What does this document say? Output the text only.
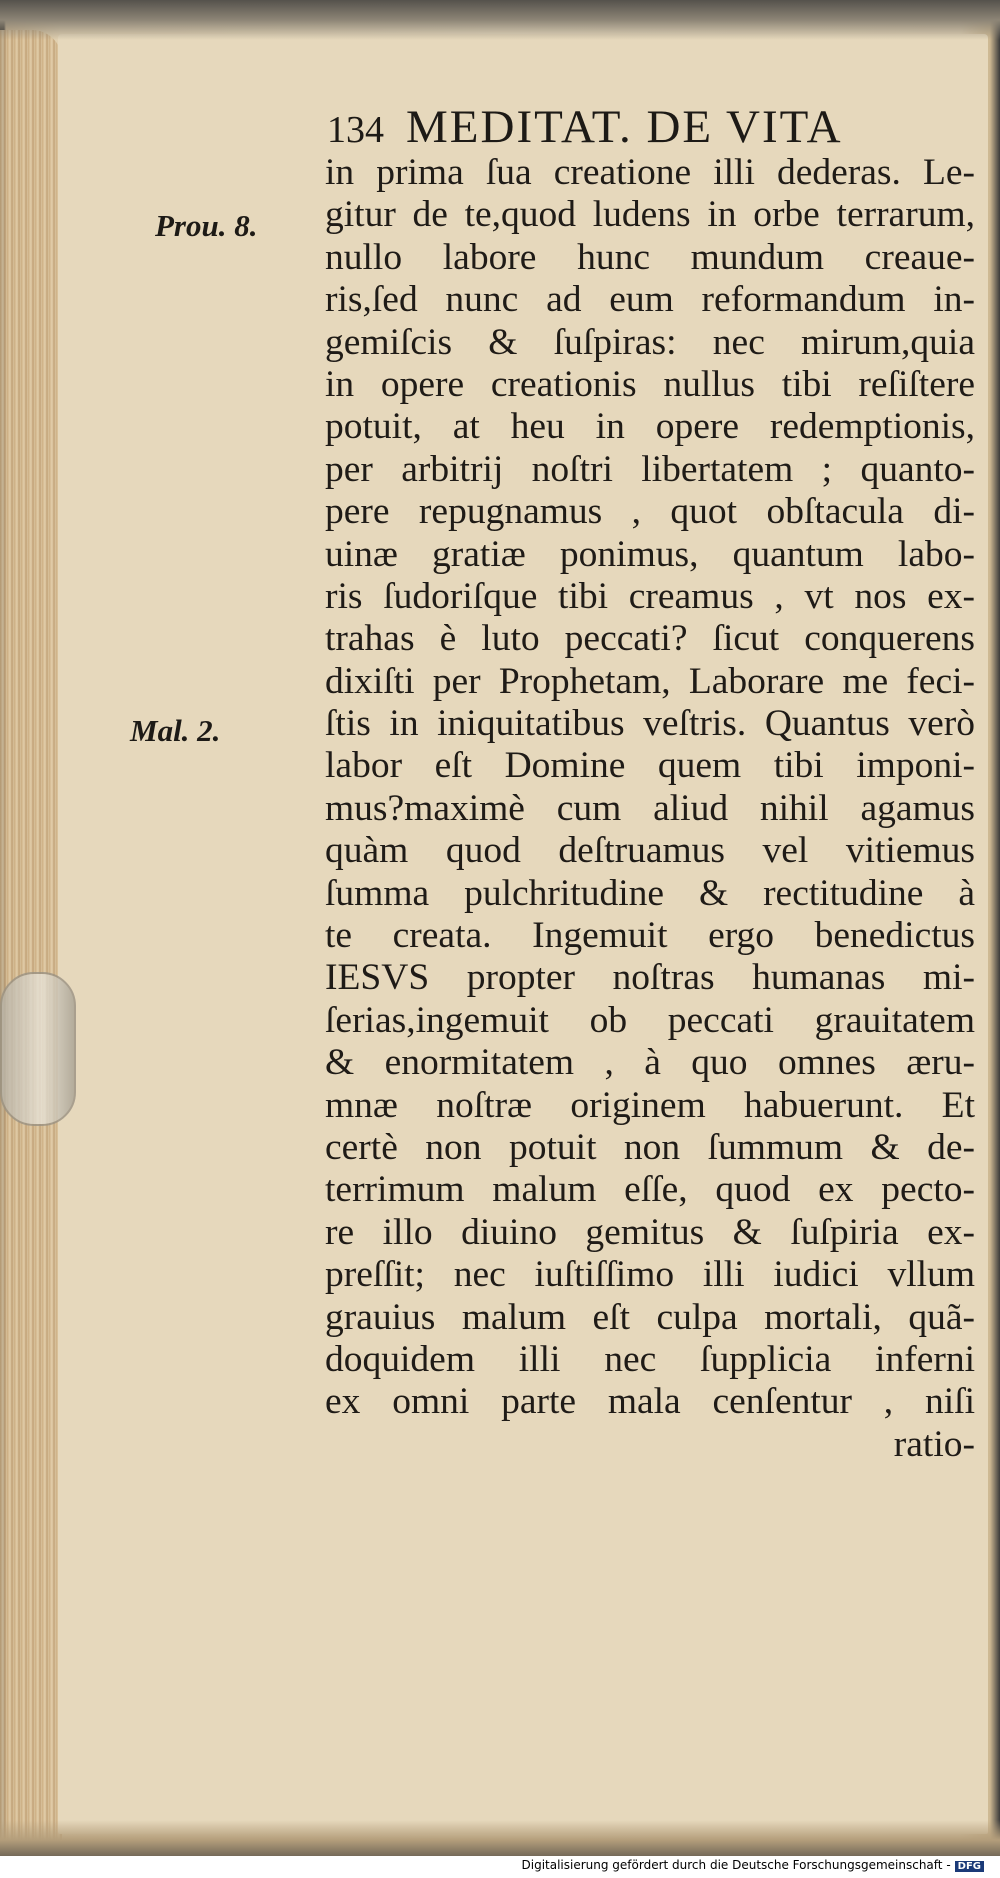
134 MEDITAT. DE VITA
Prou. 8.
Mal. 2.
in prima ſua creatione illi dederas. Le-
gitur de te,quod ludens in orbe terrarum,
nullo labore hunc mundum creaue-
ris,ſed nunc ad eum reformandum in-
gemiſcis & ſuſpiras: nec mirum,quia
in opere creationis nullus tibi reſiſtere
potuit, at heu in opere redemptionis,
per arbitrij noſtri libertatem ; quanto-
pere repugnamus , quot obſtacula di-
uinæ gratiæ ponimus, quantum labo-
ris ſudoriſque tibi creamus , vt nos ex-
trahas è luto peccati? ſicut conquerens
dixiſti per Prophetam, Laborare me feci-
ſtis in iniquitatibus veſtris. Quantus verò
labor eſt Domine quem tibi imponi-
mus?maximè cum aliud nihil agamus
quàm quod deſtruamus vel vitiemus
ſumma pulchritudine & rectitudine à
te creata. Ingemuit ergo benedictus
IESVS propter noſtras humanas mi-
ſerias,ingemuit ob peccati grauitatem
& enormitatem , à quo omnes æru-
mnæ noſtræ originem habuerunt. Et
certè non potuit non ſummum & de-
terrimum malum eſſe, quod ex pecto-
re illo diuino gemitus & ſuſpiria ex-
preſſit; nec iuſtiſſimo illi iudici vllum
grauius malum eſt culpa mortali, quã-
doquidem illi nec ſupplicia inferni
ex omni parte mala cenſentur , niſi
ratio-
Digitalisierung gefördert durch die Deutsche Forschungsgemeinschaft - DFG
